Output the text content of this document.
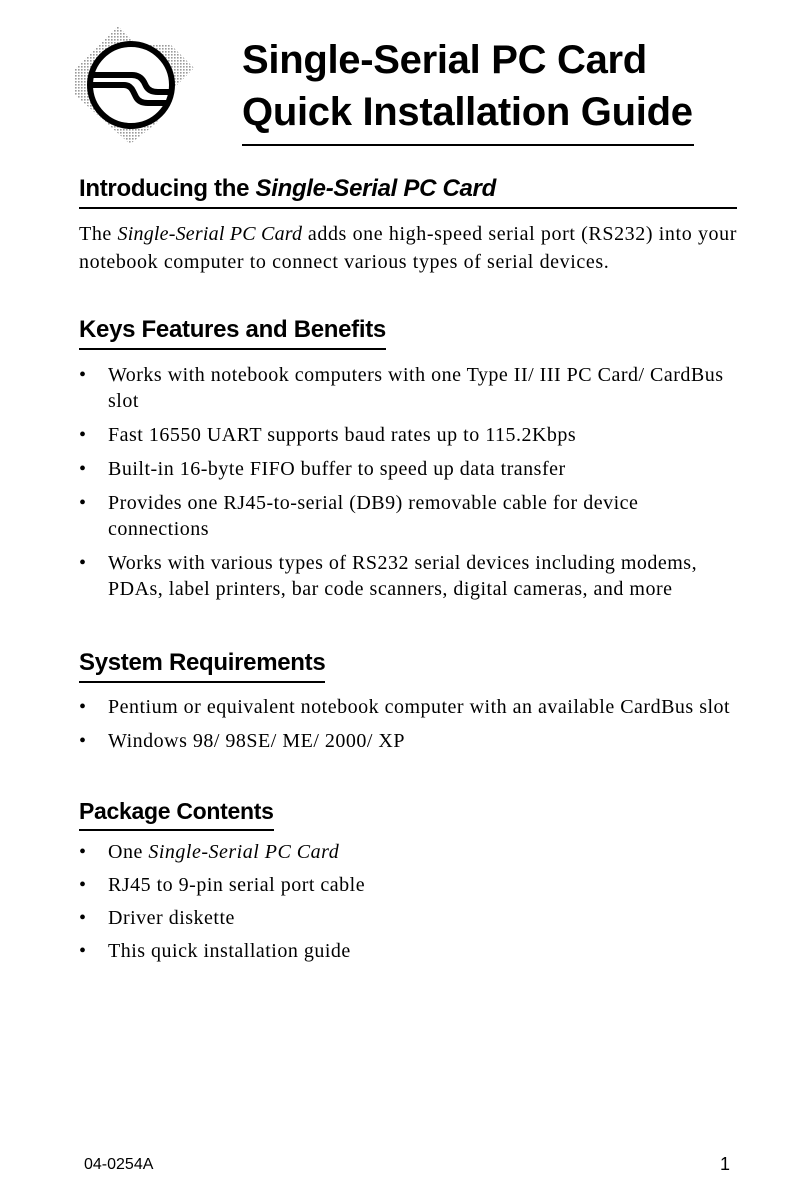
Single-Serial PC Card
Quick Installation Guide
Introducing the Single-Serial PC Card
The Single-Serial PC Card adds one high-speed serial port (RS232) into your notebook computer to connect various types of serial devices.
Keys Features and Benefits
• Works with notebook computers with one Type II/ III PC Card/ CardBus slot
• Fast 16550 UART supports baud rates up to 115.2Kbps
• Built-in 16-byte FIFO buffer to speed up data transfer
• Provides one RJ45-to-serial (DB9) removable cable for device connections
• Works with various types of RS232 serial devices including modems, PDAs, label printers, bar code scanners, digital cameras, and more
System Requirements
• Pentium or equivalent notebook computer with an available CardBus slot
• Windows 98/ 98SE/ ME/ 2000/ XP
Package Contents
• One Single-Serial PC Card
• RJ45 to 9-pin serial port cable
• Driver diskette
• This quick installation guide
04-0254A	1
